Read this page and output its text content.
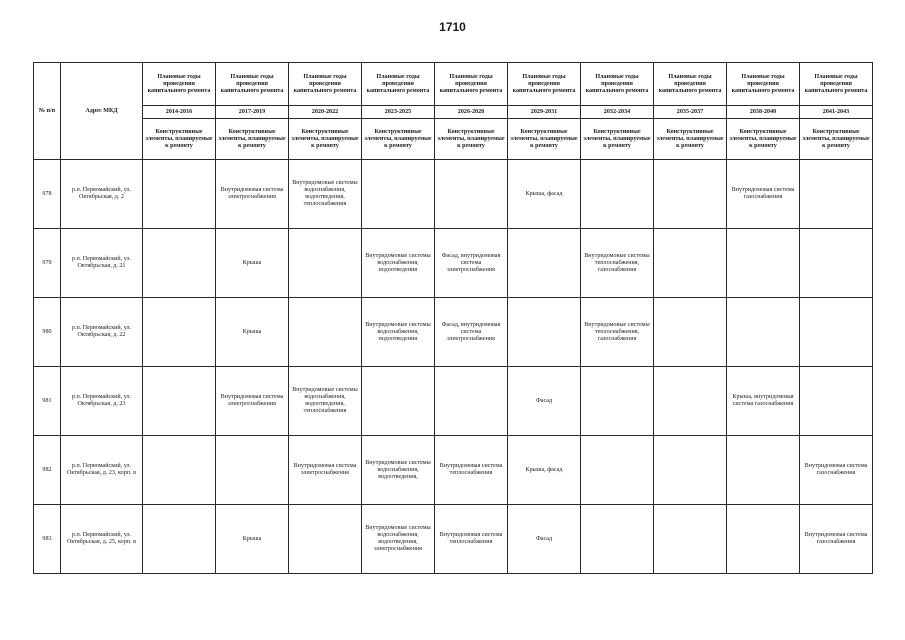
1710
№ п/п	Адрес МКД	Плановые годы проведения капитального ремонта	Плановые годы проведения капитального ремонта	Плановые годы проведения капитального ремонта	Плановые годы проведения капитального ремонта	Плановые годы проведения капитального ремонта	Плановые годы проведения капитального ремонта	Плановые годы проведения капитального ремонта	Плановые годы проведения капитального ремонта	Плановые годы проведения капитального ремонта	Плановые годы проведения капитального ремонта
		2014-2016	2017-2019	2020-2022	2023-2025	2026-2028	2029-2031	2032-2034	2035-2037	2038-2040	2041-2043
		Конструктивные элементы, планируемые к ремонту	Конструктивные элементы, планируемые к ремонту	Конструктивные элементы, планируемые к ремонту	Конструктивные элементы, планируемые к ремонту	Конструктивные элементы, планируемые к ремонту	Конструктивные элементы, планируемые к ремонту	Конструктивные элементы, планируемые к ремонту	Конструктивные элементы, планируемые к ремонту	Конструктивные элементы, планируемые к ремонту	Конструктивные элементы, планируемые к ремонту
978	р.п. Первомайский, ул. Октябрьская, д. 2		Внутридомовая система электроснабжения	Внутридомовые системы водоснабжения, водоотведения, теплоснабжения			Крыша, фасад			Внутридомовая система газоснабжения	
979	р.п. Первомайский, ул. Октябрьская, д. 21		Крыша		Внутридомовые системы водоснабжения, водоотведения	Фасад, внутридомовая система электроснабжения		Внутридомовые системы теплоснабжения, газоснабжения			
980	р.п. Первомайский, ул. Октябрьская, д. 22		Крыша		Внутридомовые системы водоснабжения, водоотведения	Фасад, внутридомовая система электроснабжения		Внутридомовые системы теплоснабжения, газоснабжения			
981	р.п. Первомайский, ул. Октябрьская, д. 23		Внутридомовая система электроснабжения	Внутридомовые системы водоснабжения, водоотведения, теплоснабжения			Фасад			Крыша, внутридомовая система газоснабжения	
982	р.п. Первомайский, ул. Октябрьская, д. 23, корп. в			Внутридомовая система электроснабжения	Внутридомовые системы водоснабжения, водоотведения,	Внутридомовая система теплоснабжения	Крыша, фасад				Внутридомовая система газоснабжения
983	р.п. Первомайский, ул. Октябрьская, д. 25, корп. в		Крыша		Внутридомовые системы водоснабжения, водоотведения, электроснабжения	Внутридомовая система теплоснабжения	Фасад				Внутридомовая система газоснабжения
